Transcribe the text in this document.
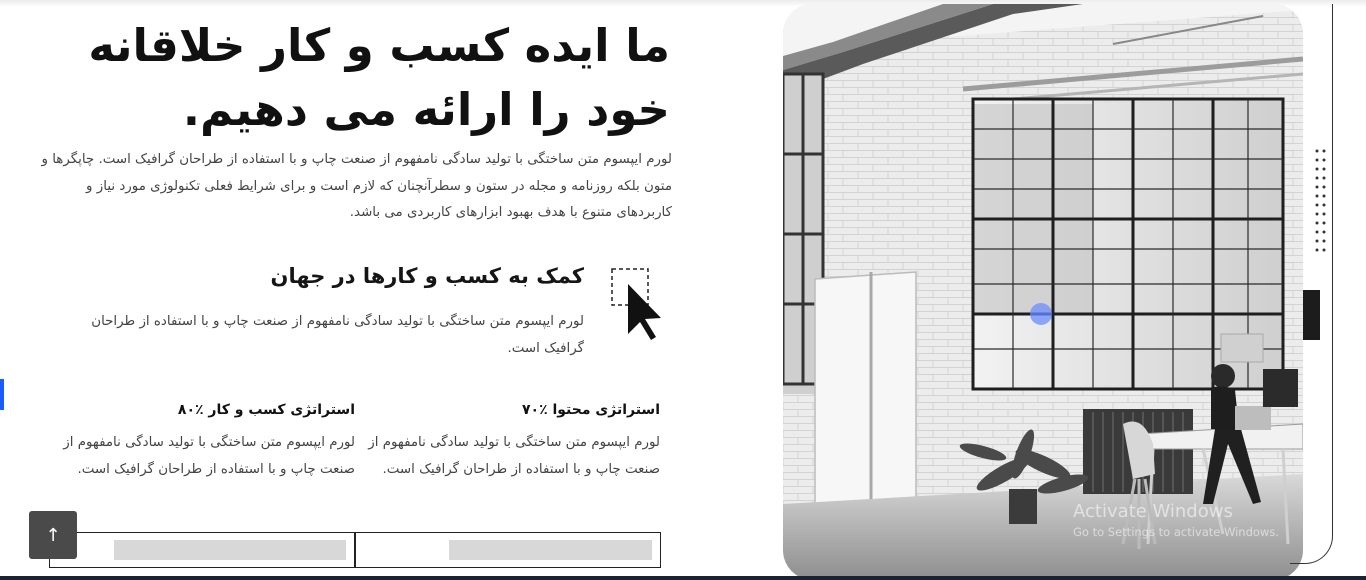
ما ایده کسب و کار خلاقانه خود را ارائه می دهیم.

لورم ایپسوم متن ساختگی با تولید سادگی نامفهوم از صنعت چاپ و با استفاده از طراحان گرافیک است. چاپگرها و متون بلکه روزنامه و مجله در ستون و سطرآنچنان که لازم است و برای شرایط فعلی تکنولوژی مورد نیاز و کاربردهای متنوع با هدف بهبود ابزارهای کاربردی می باشد.

کمک به کسب و کارها در جهان

لورم ایپسوم متن ساختگی با تولید سادگی نامفهوم از صنعت چاپ و با استفاده از طراحان گرافیک است.

استراتژی محتوا ٪۷۰

لورم ایپسوم متن ساختگی با تولید سادگی نامفهوم از صنعت چاپ و با استفاده از طراحان گرافیک است.

استراتژی کسب و کار ٪۸۰

لورم ایپسوم متن ساختگی با تولید سادگی نامفهوم از صنعت چاپ و با استفاده از طراحان گرافیک است.

↑
Activate Windows
Go to Settings to activate Windows.
